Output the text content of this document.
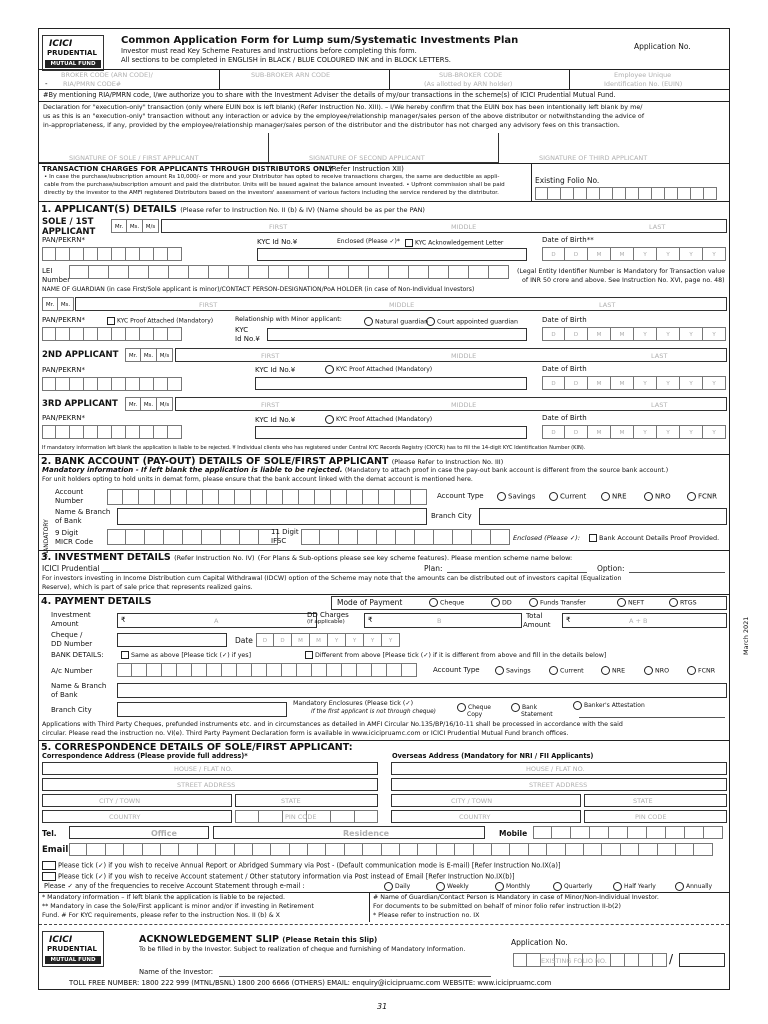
ICICI
PRUDENTIAL
MUTUAL FUND
Common Application Form for Lump sum/Systematic Investments Plan
Investor must read Key Scheme Features and Instructions before completing this form.
All sections to be completed in ENGLISH in BLACK / BLUE COLOURED INK and in BLOCK LETTERS.
Application No.
BROKER CODE (ARN CODE)/
RIA/PMRN CODE#
-
SUB-BROKER ARN CODE	SUB-BROKER CODE
(As allotted by ARN holder)
Employee Unique
Identification No. (EUIN)
#By mentioning RIA/PMRN code, I/we authorize you to share with the Investment Adviser the details of my/our transactions in the scheme(s) of ICICI Prudential Mutual Fund.
Declaration for "execution-only" transaction (only where EUIN box is left blank) (Refer Instruction No. XIII). – I/We hereby confirm that the EUIN box has been intentionally left blank by me/
us as this is an "execution-only" transaction without any interaction or advice by the employee/relationship manager/sales person of the above distributor or notwithstanding the advice of
in-appropriateness, if any, provided by the employee/relationship manager/sales person of the distributor and the distributor has not charged any advisory fees on this transaction.
SIGNATURE OF SOLE / FIRST APPLICANT	SIGNATURE OF SECOND APPLICANT	SIGNATURE OF THIRD APPLICANT
TRANSACTION CHARGES FOR APPLICANTS THROUGH DISTRIBUTORS ONLY
(Refer Instruction XII)
• In case the purchase/subscription amount Rs 10,000/- or more and your Distributor has opted to receive transactions charges, the same are deductible as appli-
cable from the purchase/subscription amount and paid the distributor. Units will be issued against the balance amount invested. • Upfront commission shall be paid
directly by the investor to the AMFI registered Distributors based on the investors' assessment of various factors including the service rendered by the distributor.
Existing Folio No.
1. APPLICANT(S) DETAILS (Please refer to Instruction No. II (b) & IV) (Name should be as per the PAN)
SOLE / 1ST
APPLICANT	Mr.	Ms.	M/s	FIRST	MIDDLE	LAST
PAN/PEKRN*	KYC Id No.¥	Enclosed (Please ✓)*	KYC Acknowledgement Letter	Date of Birth**
D	D	M	M	Y	Y	Y	Y
LEI
Number
(Legal Entity Identifier Number is Mandatory for Transaction value
of INR 50 crore and above. See Instruction No. XVI, page no. 48)
NAME OF GUARDIAN (in case First/Sole applicant is minor)/CONTACT PERSON-DESIGNATION/PoA HOLDER (in case of Non-Individual Investors)
Mr.	Ms.	FIRST	MIDDLE	LAST
PAN/PEKRN*	KYC Proof Attached (Mandatory)	Relationship with Minor applicant:	Natural guardian	Court appointed guardian
KYC
Id No.¥
Date of Birth
D	D	M	M	Y	Y	Y	Y
2ND APPLICANT	Mr.	Ms.	M/s	FIRST	MIDDLE	LAST
PAN/PEKRN*	KYC Id No.¥	KYC Proof Attached (Mandatory)	Date of Birth
D	D	M	M	Y	Y	Y	Y
3RD APPLICANT	Mr.	Ms.	M/s	FIRST	MIDDLE	LAST
PAN/PEKRN*	KYC Id No.¥	KYC Proof Attached (Mandatory)	Date of Birth
D	D	M	M	Y	Y	Y	Y
If mandatory information left blank the application is liable to be rejected. ¥ Individual clients who has registered under Central KYC Records Registry (CKYCR) has to fill the 14-digit KYC Identification Number (KIN).
2. BANK ACCOUNT (PAY-OUT) DETAILS OF SOLE/FIRST APPLICANT (Please Refer to Instruction No. III)
Mandatory information - If left blank the application is liable to be rejected. (Mandatory to attach proof in case the pay-out bank account is different from the source bank account.)
For unit holders opting to hold units in demat form, please ensure that the bank account linked with the demat account is mentioned here.
MANDATORY
Account
Number
Account Type	Savings	Current	NRE	NRO	FCNR
Name & Branch
of Bank
Branch City
9 Digit
MICR Code
11 Digit
IFSC	Enclosed (Please ✓):	Bank Account Details Proof Provided.
3. INVESTMENT DETAILS (Refer Instruction No. IV) (For Plans & Sub-options please see key scheme features). Please mention scheme name below:
ICICI Prudential	Plan:	Option:
For investors investing in Income Distribution cum Capital Withdrawal (IDCW) option of the Scheme may note that the amounts can be distributed out of investors capital (Equalization
Reserve), which is part of sale price that represents realized gains.
4. PAYMENT DETAILS	Mode of Payment	Cheque	DD	Funds Transfer	NEFT	RTGS
Investment
Amount	₹	A
DD Charges
(if applicable)	₹	B
Total
Amount
₹	A + B
Cheque /
DD Number	Date	D	D	M	M	Y	Y	Y	Y
BANK DETAILS:	Same as above [Please tick (✓) if yes]	Different from above [Please tick (✓) if it is different from above and fill in the details below]
A/c Number	Account Type	Savings	Current	NRE	NRO	FCNR
Name & Branch
of Bank
Branch City
Mandatory Enclosures (Please tick (✓)
if the first applicant is not through cheque)
Cheque
Copy
Bank
Statement
Banker's Attestation
Applications with Third Party Cheques, prefunded instruments etc. and in circumstances as detailed in AMFI Circular No.135/BP/16/10-11 shall be processed in accordance with the said
circular. Please read the instruction no. VI(e). Third Party Payment Declaration form is available in www.icicipruamc.com or ICICI Prudential Mutual Fund branch offices.
5. CORRESPONDENCE DETAILS OF SOLE/FIRST APPLICANT:
Correspondence Address (Please provide full address)*	Overseas Address (Mandatory for NRI / FII Applicants)
HOUSE / FLAT NO.
STREET ADDRESS
CITY / TOWN	STATE
COUNTRY	PIN CODE
HOUSE / FLAT NO.
STREET ADDRESS
CITY / TOWN	STATE
COUNTRY	PIN CODE
Tel.	Office	Residence	Mobile
Email
Please tick (✓) if you wish to receive Annual Report or Abridged Summary via Post - (Default communication mode is E-mail) [Refer Instruction No.IX(a)]
Please tick (✓) if you wish to receive Account statement / Other statutory information via Post instead of Email [Refer Instruction No.IX(b)]
Please ✓ any of the frequencies to receive Account Statement through e-mail :	Daily	Weekly	Monthly	Quarterly	Half Yearly	Annually
* Mandatory information – If left blank the application is liable to be rejected.
** Mandatory in case the Sole/First applicant is minor and/or if investing in Retirement
Fund. # For KYC requirements, please refer to the instruction Nos. II (b) & X
# Name of Guardian/Contact Person is Mandatory in case of Minor/Non-Individual Investor.
For documents to be submitted on behalf of minor folio refer instruction II-b(2)
* Please refer to instruction no. IX
ICICI
PRUDENTIAL
MUTUAL FUND
ACKNOWLEDGEMENT SLIP (Please Retain this Slip)
To be filled in by the Investor. Subject to realization of cheque and furnishing of Mandatory Information.
Application No.
EXISTING FOLIO NO.	/
Name of the Investor:
TOLL FREE NUMBER: 1800 222 999 (MTNL/BSNL) 1800 200 6666 (OTHERS) EMAIL: enquiry@icicipruamc.com WEBSITE: www.icicipruamc.com
March 2021
31
